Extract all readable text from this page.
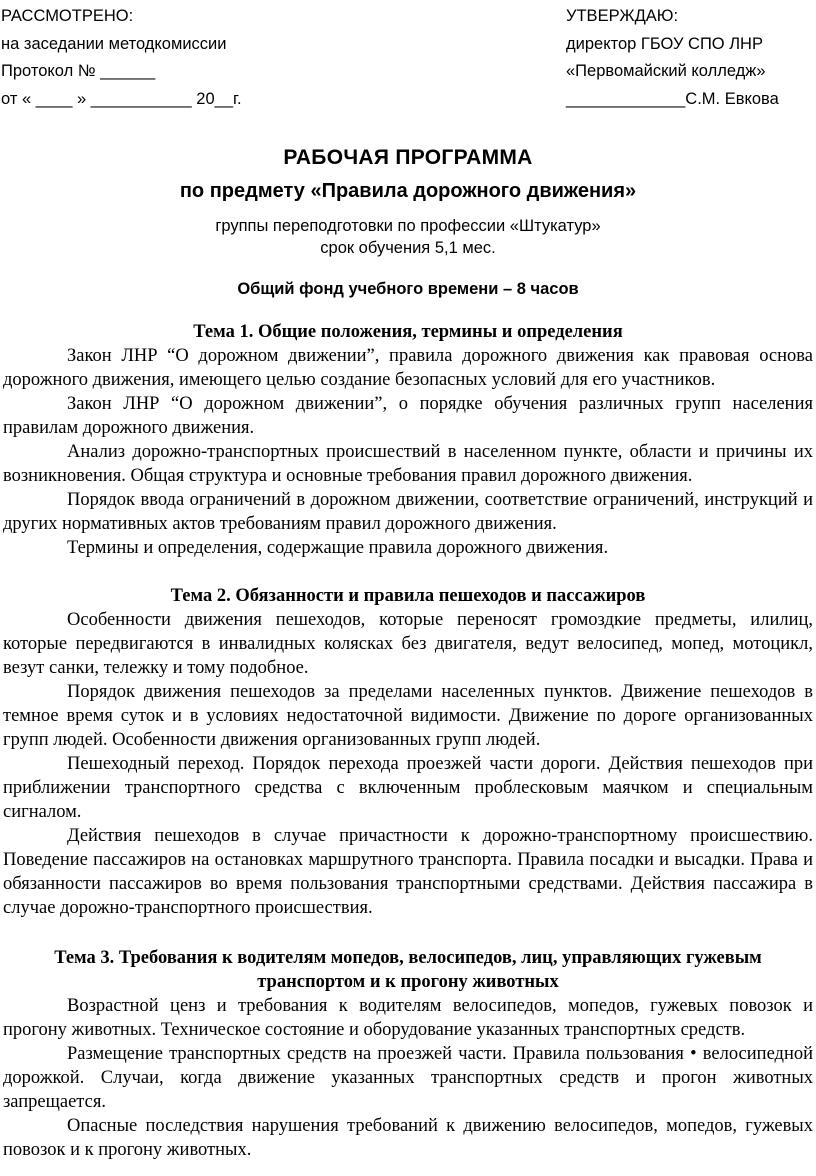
РАССМОТРЕНО:
на заседании методкомиссии
Протокол № ______
от « ____ » ___________ 20__г.
УТВЕРЖДАЮ:
директор ГБОУ СПО ЛНР
«Первомайский колледж»
_____________С.М. Евкова
РАБОЧАЯ ПРОГРАММА
по предмету «Правила дорожного движения»
группы переподготовки по профессии «Штукатур»
срок обучения 5,1 мес.
Общий фонд учебного времени – 8 часов

Тема 1. Общие положения, термины и определения

Закон ЛНР “О дорожном движении”, правила дорожного движения как правовая основа дорожного движения, имеющего целью создание безопасных условий для его участников.

Закон ЛНР “О дорожном движении”, о порядке обучения различных групп населения правилам дорожного движения.

Анализ дорожно-транспортных происшествий в населенном пункте, области и причины их возникновения. Общая структура и основные требования правил дорожного движения.

Порядок ввода ограничений в дорожном движении, соответствие ограничений, инструкций и других нормативных актов требованиям правил дорожного движения.

Термины и определения, содержащие правила дорожного движения.

Тема 2. Обязанности и правила пешеходов и пассажиров

Особенности движения пешеходов, которые переносят громоздкие предметы, илилиц, которые передвигаются в инвалидных колясках без двигателя, ведут велосипед, мопед, мотоцикл, везут санки, тележку и тому подобное.

Порядок движения пешеходов за пределами населенных пунктов. Движение пешеходов в темное время суток и в условиях недостаточной видимости. Движение по дороге организованных групп людей. Особенности движения организованных групп людей.

Пешеходный переход. Порядок перехода проезжей части дороги. Действия пешеходов при приближении транспортного средства с включенным проблесковым маячком и специальным сигналом.

Действия пешеходов в случае причастности к дорожно-транспортному происшествию. Поведение пассажиров на остановках маршрутного транспорта. Правила посадки и высадки. Права и обязанности пассажиров во время пользования транспортными средствами. Действия пассажира в случае дорожно-транспортного происшествия.

Тема 3. Требования к водителям мопедов, велосипедов, лиц, управляющих гужевым
транспортом и к прогону животных

Возрастной ценз и требования к водителям велосипедов, мопедов, гужевых повозок и прогону животных. Техническое состояние и оборудование указанных транспортных средств.

Размещение транспортных средств на проезжей части. Правила пользования • велосипедной дорожкой. Случаи, когда движение указанных транспортных средств и прогон животных запрещается.

Опасные последствия нарушения требований к движению велосипедов, мопедов, гужевых повозок и к прогону животных.
